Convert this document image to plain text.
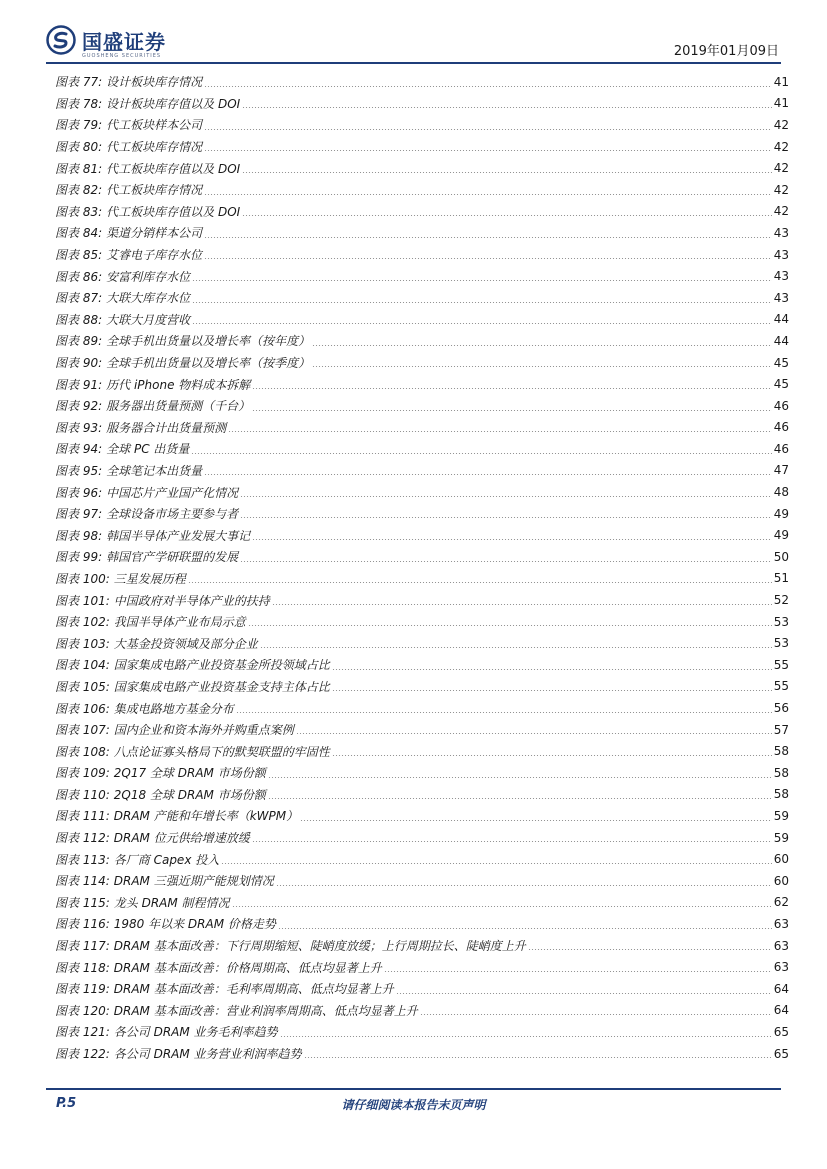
国盛证券
GUOSHENG SECURITIES	2019年01月09日
图表 77: 设计板块库存情况	41
图表 78: 设计板块库存值以及 DOI	41
图表 79: 代工板块样本公司	42
图表 80: 代工板块库存情况	42
图表 81: 代工板块库存值以及 DOI	42
图表 82: 代工板块库存情况	42
图表 83: 代工板块库存值以及 DOI	42
图表 84: 渠道分销样本公司	43
图表 85: 艾睿电子库存水位	43
图表 86: 安富利库存水位	43
图表 87: 大联大库存水位	43
图表 88: 大联大月度营收	44
图表 89: 全球手机出货量以及增长率（按年度）	44
图表 90: 全球手机出货量以及增长率（按季度）	45
图表 91: 历代 iPhone 物料成本拆解	45
图表 92: 服务器出货量预测（千台）	46
图表 93: 服务器合计出货量预测	46
图表 94: 全球 PC 出货量	46
图表 95: 全球笔记本出货量	47
图表 96: 中国芯片产业国产化情况	48
图表 97: 全球设备市场主要参与者	49
图表 98: 韩国半导体产业发展大事记	49
图表 99: 韩国官产学研联盟的发展	50
图表 100: 三星发展历程	51
图表 101: 中国政府对半导体产业的扶持	52
图表 102: 我国半导体产业布局示意	53
图表 103: 大基金投资领域及部分企业	53
图表 104: 国家集成电路产业投资基金所投领域占比	55
图表 105: 国家集成电路产业投资基金支持主体占比	55
图表 106: 集成电路地方基金分布	56
图表 107: 国内企业和资本海外并购重点案例	57
图表 108: 八点论证寡头格局下的默契联盟的牢固性	58
图表 109: 2Q17 全球 DRAM 市场份额	58
图表 110: 2Q18 全球 DRAM 市场份额	58
图表 111: DRAM 产能和年增长率（kWPM）	59
图表 112: DRAM 位元供给增速放缓	59
图表 113: 各厂商 Capex 投入	60
图表 114: DRAM 三强近期产能规划情况	60
图表 115: 龙头 DRAM 制程情况	62
图表 116: 1980 年以来 DRAM 价格走势	63
图表 117: DRAM 基本面改善：下行周期缩短、陡峭度放缓；上行周期拉长、陡峭度上升	63
图表 118: DRAM 基本面改善：价格周期高、低点均显著上升	63
图表 119: DRAM 基本面改善：毛利率周期高、低点均显著上升	64
图表 120: DRAM 基本面改善：营业利润率周期高、低点均显著上升	64
图表 121: 各公司 DRAM 业务毛利率趋势	65
图表 122: 各公司 DRAM 业务营业利润率趋势	65
P.5	请仔细阅读本报告末页声明
